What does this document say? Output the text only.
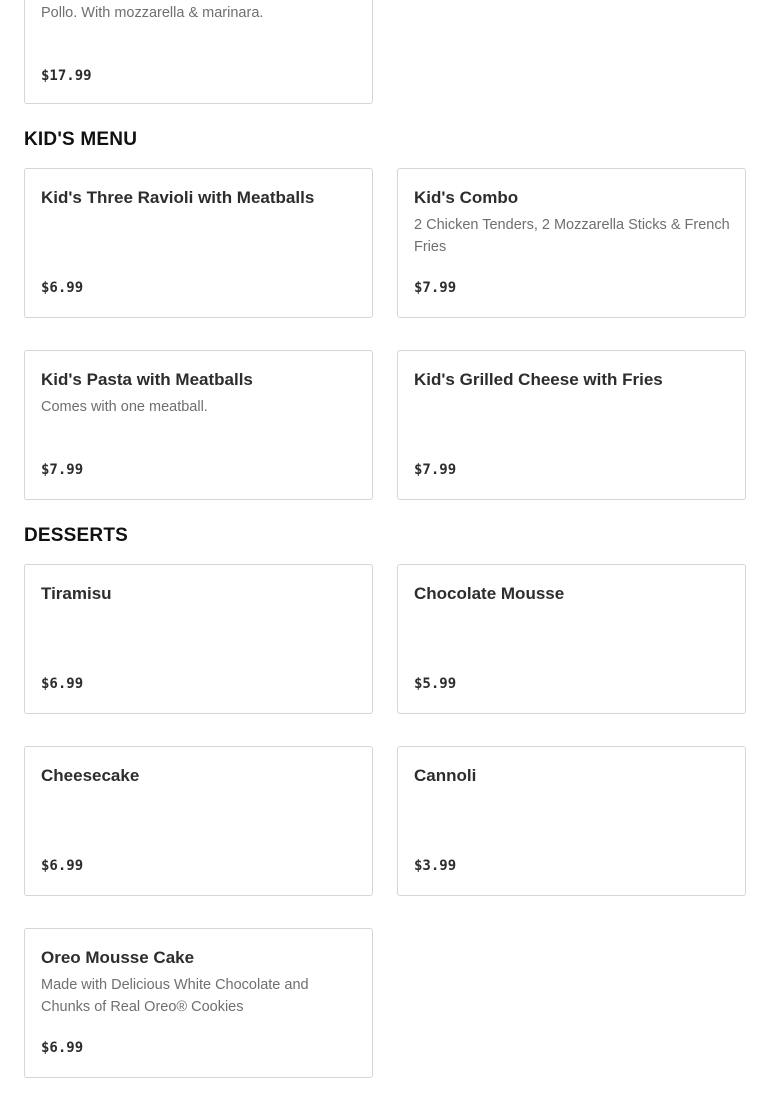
Pollo. With mozzarella & marinara.
$17.99
KID'S MENU
Kid's Three Ravioli with Meatballs
$6.99
Kid's Combo
2 Chicken Tenders, 2 Mozzarella Sticks & French Fries
$7.99
Kid's Pasta with Meatballs
Comes with one meatball.
$7.99
Kid's Grilled Cheese with Fries
$7.99
DESSERTS
Tiramisu
$6.99
Chocolate Mousse
$5.99
Cheesecake
$6.99
Cannoli
$3.99
Oreo Mousse Cake
Made with Delicious White Chocolate and Chunks of Real Oreo® Cookies
$6.99
